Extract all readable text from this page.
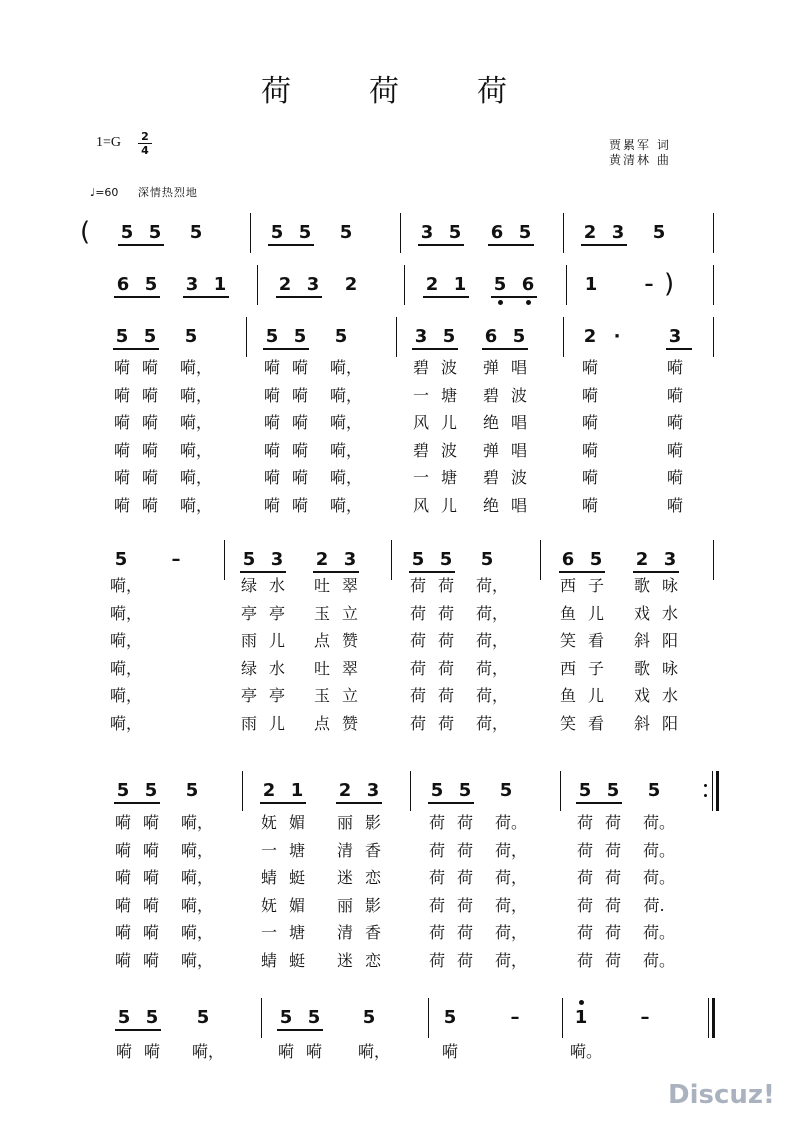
荷　荷　荷
1=G 2
4	贾累军 词
黄清林 曲
♩=60 深情热烈地
5 5 5	5 5 5	3 5 6 5	2 3 5
(
6 5 3 1	2 3 2	2 1 5 6	1	– )
5 5 5	5 5 5	3 5 6 5	2 ·	3
嗬 嗬 嗬，	嗬 嗬 嗬，	碧 波 弹 唱	嗬	嗬
嗬 嗬 嗬，	嗬 嗬 嗬，	一 塘 碧 波	嗬	嗬
嗬 嗬 嗬，	嗬 嗬 嗬，	风 儿 绝 唱	嗬	嗬
嗬 嗬 嗬，	嗬 嗬 嗬，	碧 波 弹 唱	嗬	嗬
嗬 嗬 嗬，	嗬 嗬 嗬，	一 塘 碧 波	嗬	嗬
嗬 嗬 嗬，	嗬 嗬 嗬，	风 儿 绝 唱	嗬	嗬
5	–	5 3 2 3	5 5 5	6 5 2 3
嗬，	绿 水 吐 翠	荷 荷 荷，	西 子 歌 咏
嗬，	亭 亭 玉 立	荷 荷 荷，	鱼 儿 戏 水
嗬，	雨 儿 点 赞	荷 荷 荷，	笑 看 斜 阳
嗬，	绿 水 吐 翠	荷 荷 荷，	西 子 歌 咏
嗬，	亭 亭 玉 立	荷 荷 荷，	鱼 儿 戏 水
嗬，	雨 儿 点 赞	荷 荷 荷，	笑 看 斜 阳
5 5 5	2 1 2 3	5 5 5	5 5 5
嗬 嗬 嗬，	妩 媚 丽 影	荷 荷 荷。	荷 荷 荷。
嗬 嗬 嗬，	一 塘 清 香	荷 荷 荷，	荷 荷 荷。
嗬 嗬 嗬，	蜻 蜓 迷 恋	荷 荷 荷，	荷 荷 荷。
嗬 嗬 嗬，	妩 媚 丽 影	荷 荷 荷，	荷 荷 荷.
嗬 嗬 嗬，	一 塘 清 香	荷 荷 荷，	荷 荷 荷。
嗬 嗬 嗬，	蜻 蜓 迷 恋	荷 荷 荷，	荷 荷 荷。
5 5 5	5 5 5	5	–	1	–
嗬 嗬 嗬，	嗬 嗬 嗬，	嗬	嗬。
Discuz!
